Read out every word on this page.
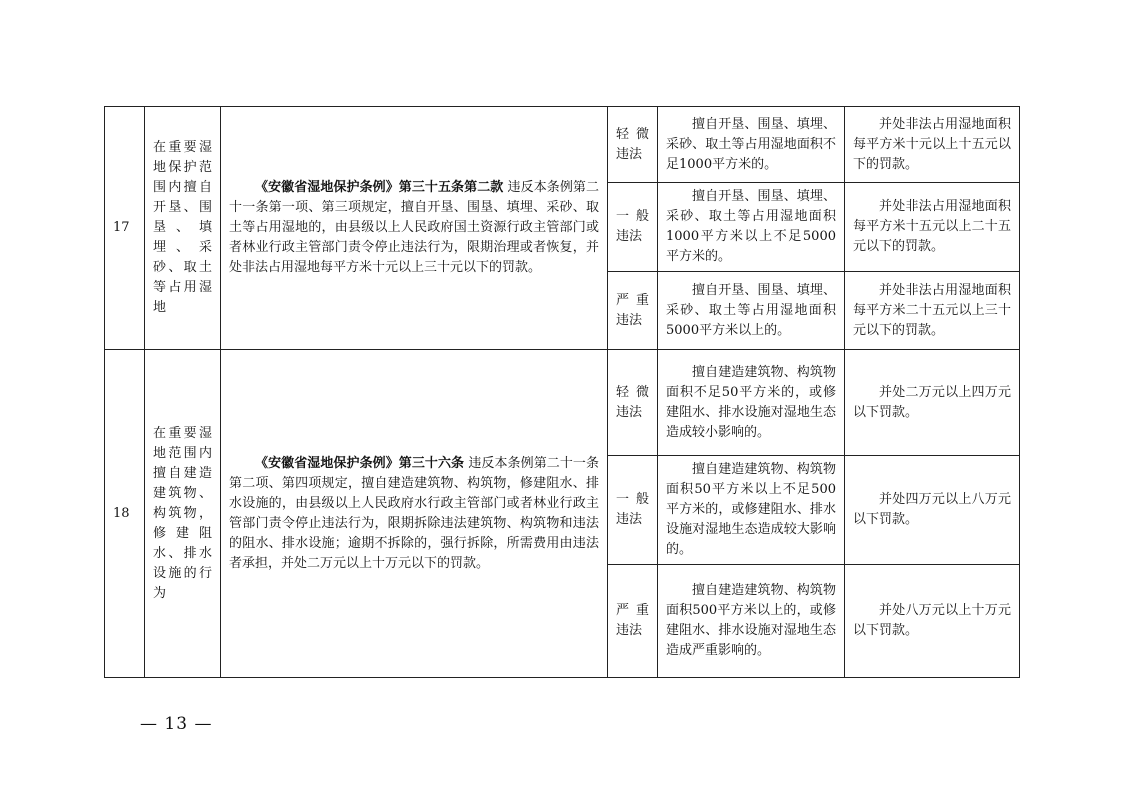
17	在重要湿地保护范围内擅自开垦、围垦、填埋、采砂、取土等占用湿地	《安徽省湿地保护条例》第三十五条第二款 违反本条例第二十一条第一项、第三项规定，擅自开垦、围垦、填埋、采砂、取土等占用湿地的，由县级以上人民政府国土资源行政主管部门或者林业行政主管部门责令停止违法行为，限期治理或者恢复，并处非法占用湿地每平方米十元以上三十元以下的罚款。	轻微违法	擅自开垦、围垦、填埋、采砂、取土等占用湿地面积不足1000平方米的。	并处非法占用湿地面积每平方米十元以上十五元以下的罚款。
			一般违法	擅自开垦、围垦、填埋、采砂、取土等占用湿地面积1000平方米以上不足5000平方米的。	并处非法占用湿地面积每平方米十五元以上二十五元以下的罚款。
			严重违法	擅自开垦、围垦、填埋、采砂、取土等占用湿地面积5000平方米以上的。	并处非法占用湿地面积每平方米二十五元以上三十元以下的罚款。
18	在重要湿地范围内擅自建造建筑物、构筑物，修建阻水、排水设施的行为	《安徽省湿地保护条例》第三十六条 违反本条例第二十一条第二项、第四项规定，擅自建造建筑物、构筑物，修建阻水、排水设施的，由县级以上人民政府水行政主管部门或者林业行政主管部门责令停止违法行为，限期拆除违法建筑物、构筑物和违法的阻水、排水设施；逾期不拆除的，强行拆除，所需费用由违法者承担，并处二万元以上十万元以下的罚款。	轻微违法	擅自建造建筑物、构筑物面积不足50平方米的，或修建阻水、排水设施对湿地生态造成较小影响的。	并处二万元以上四万元以下罚款。
			一般违法	擅自建造建筑物、构筑物面积50平方米以上不足500平方米的，或修建阻水、排水设施对湿地生态造成较大影响的。	并处四万元以上八万元以下罚款。
			严重违法	擅自建造建筑物、构筑物面积500平方米以上的，或修建阻水、排水设施对湿地生态造成严重影响的。	并处八万元以上十万元以下罚款。
— 13 —
